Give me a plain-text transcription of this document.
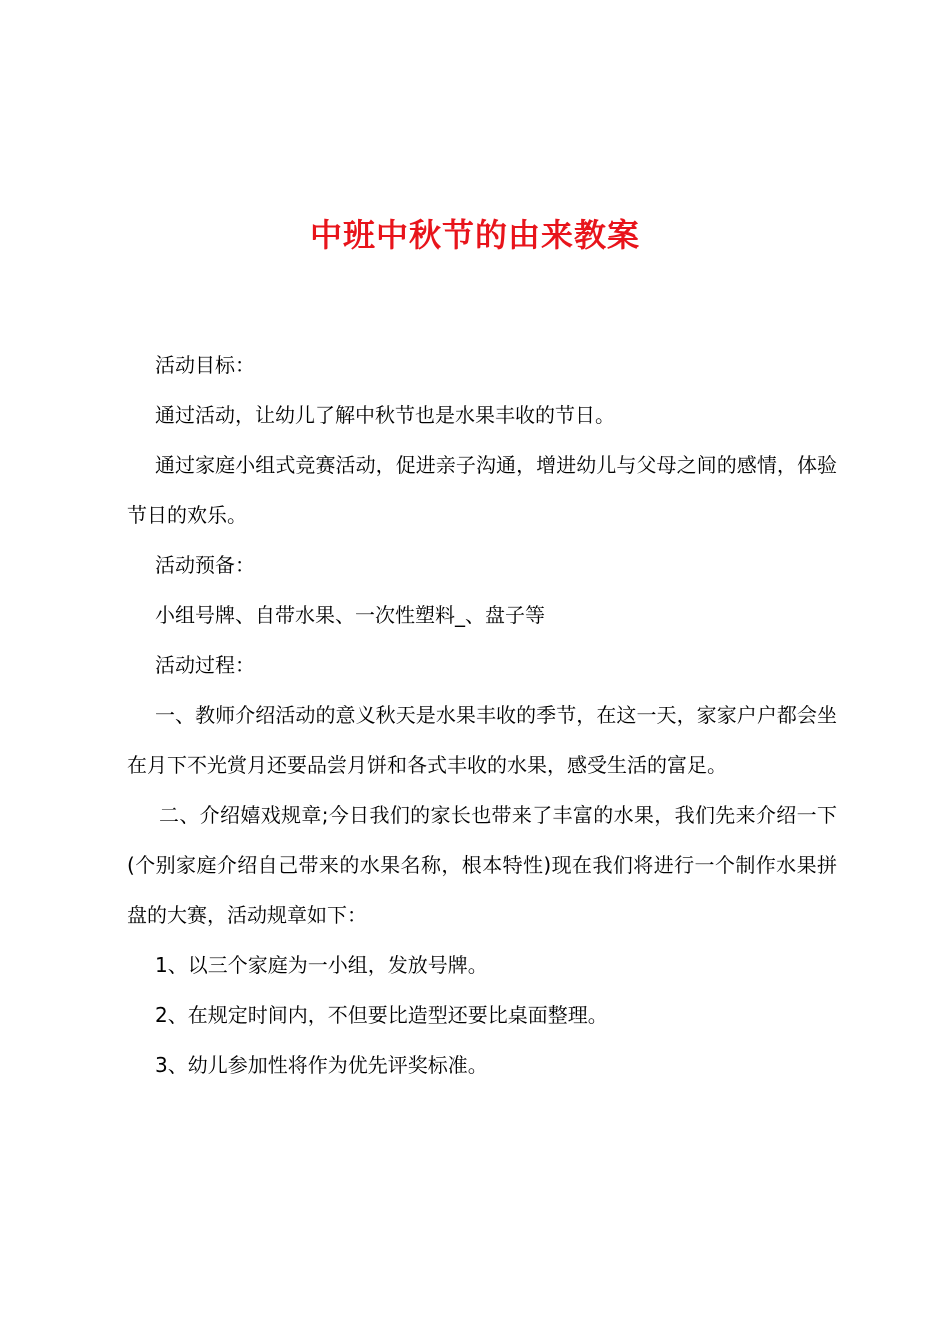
中班中秋节的由来教案

活动目标：

通过活动，让幼儿了解中秋节也是水果丰收的节日。

通过家庭小组式竞赛活动，促进亲子沟通，增进幼儿与父母之间的感情，体验节日的欢乐。

活动预备：

小组号牌、自带水果、一次性塑料_、盘子等

活动过程：

一、教师介绍活动的意义秋天是水果丰收的季节，在这一天，家家户户都会坐在月下不光赏月还要品尝月饼和各式丰收的水果，感受生活的富足。

二、介绍嬉戏规章;今日我们的家长也带来了丰富的水果，我们先来介绍一下(个别家庭介绍自己带来的水果名称，根本特性)现在我们将进行一个制作水果拼盘的大赛，活动规章如下：

1、以三个家庭为一小组，发放号牌。

2、在规定时间内，不但要比造型还要比桌面整理。

3、幼儿参加性将作为优先评奖标准。
